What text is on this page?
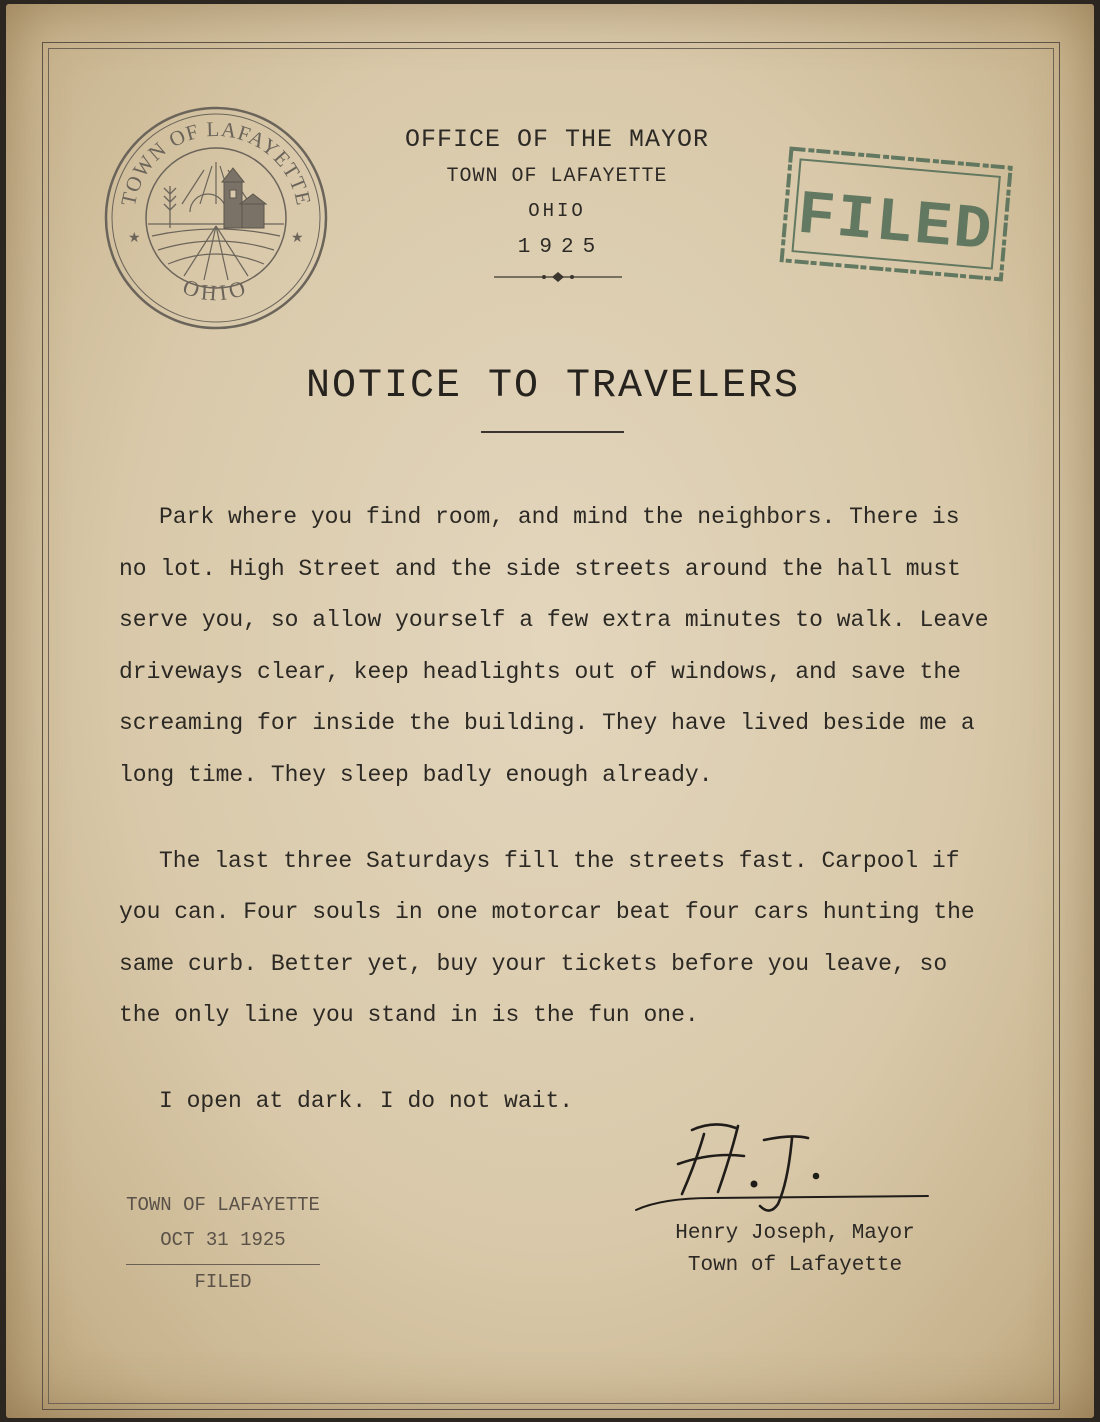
TOWN OF LAFAYETTE
OHIO
★	★
OFFICE OF THE MAYOR
TOWN OF LAFAYETTE
OHIO
1925	FILED
NOTICE TO TRAVELERS

Park where you find room, and mind the neighbors. There is no lot. High Street and the side streets around the hall must serve you, so allow yourself a few extra minutes to walk. Leave driveways clear, keep headlights out of windows, and save the screaming for inside the building. They have lived beside me a long time. They sleep badly enough already.

The last three Saturdays fill the streets fast. Carpool if you can. Four souls in one motorcar beat four cars hunting the same curb. Better yet, buy your tickets before you leave, so the only line you stand in is the fun one.

I open at dark. I do not wait.

TOWN OF LAFAYETTE
OCT 31 1925
FILED
Henry Joseph, Mayor
Town of Lafayette
